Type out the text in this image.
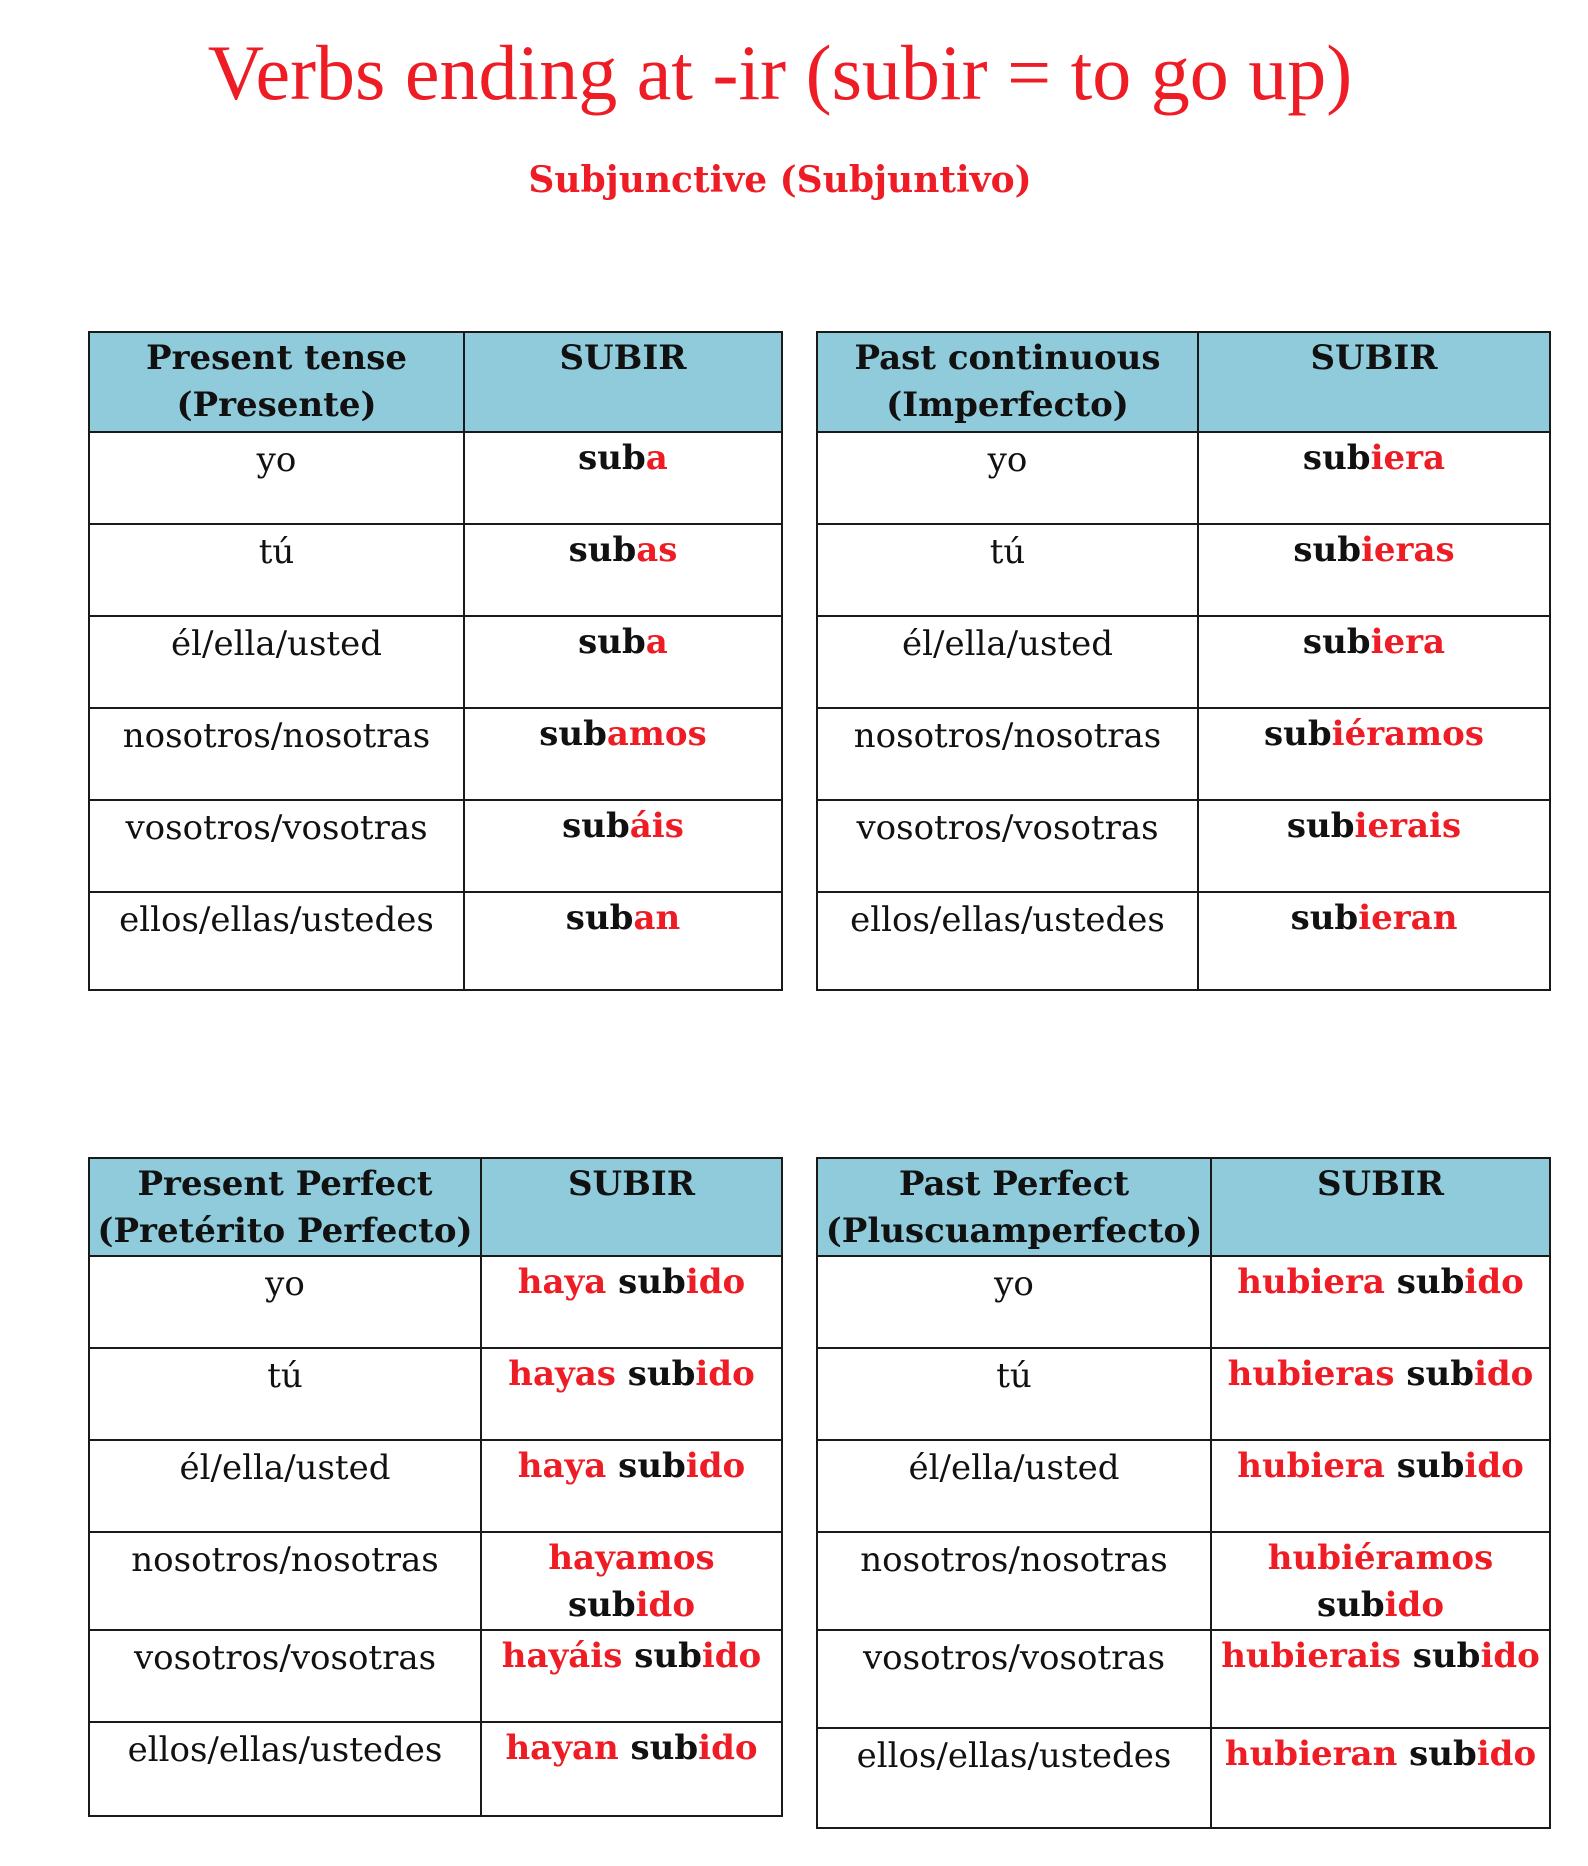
Verbs ending at -ir (subir = to go up)
Subjunctive (Subjuntivo)
Present tense
(Presente)	SUBIR
yo	suba
tú	subas
él/ella/usted	suba
nosotros/nosotras	subamos
vosotros/vosotras	subáis
ellos/ellas/ustedes	suban
Past continuous
(Imperfecto)	SUBIR
yo	subiera
tú	subieras
él/ella/usted	subiera
nosotros/nosotras	subiéramos
vosotros/vosotras	subierais
ellos/ellas/ustedes	subieran
Present Perfect
(Pretérito Perfecto)	SUBIR
yo	haya subido
tú	hayas subido
él/ella/usted	haya subido
nosotros/nosotras	hayamos subido
vosotros/vosotras	hayáis subido
ellos/ellas/ustedes	hayan subido
Past Perfect
(Pluscuamperfecto)	SUBIR
yo	hubiera subido
tú	hubieras subido
él/ella/usted	hubiera subido
nosotros/nosotras	hubiéramos subido
vosotros/vosotras	hubierais subido
ellos/ellas/ustedes	hubieran subido
